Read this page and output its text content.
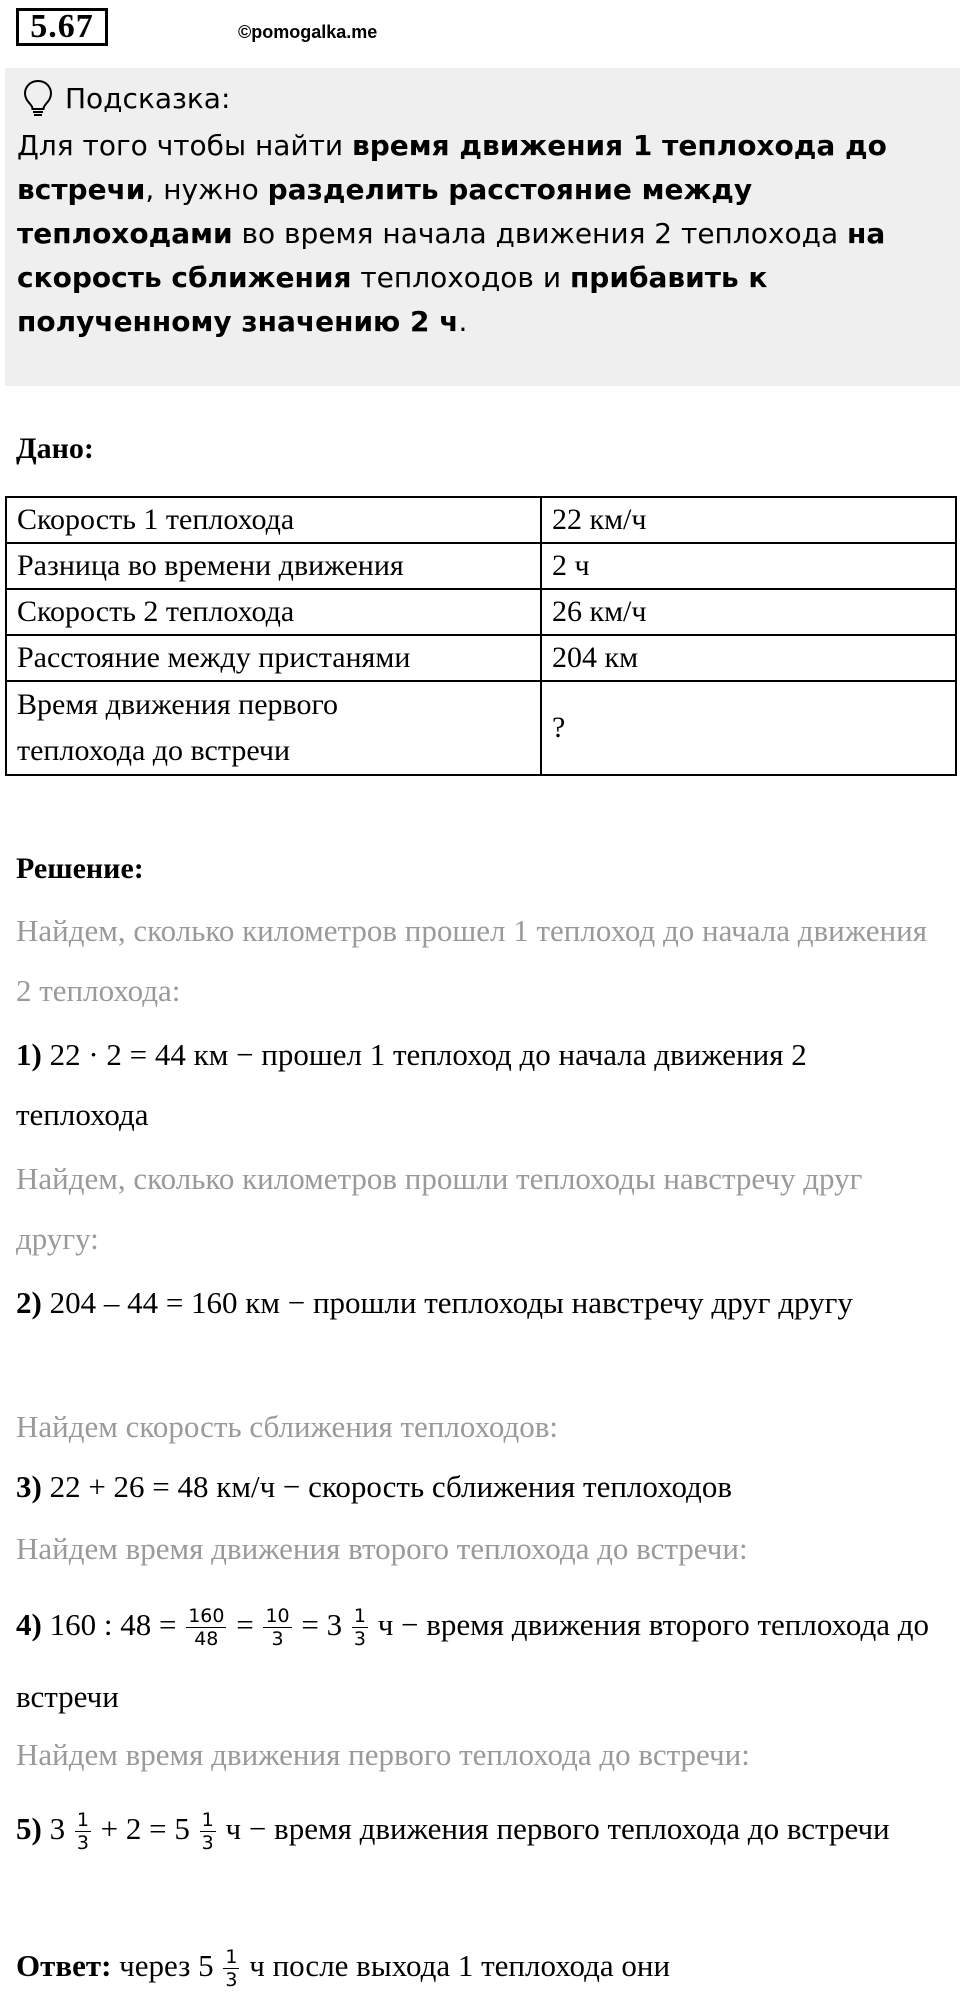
5.67	©pomogalka.me
Подсказка:
Для того чтобы найти время движения 1 теплохода до встречи, нужно разделить расстояние между теплоходами во время начала движения 2 теплохода на скорость сближения теплоходов и прибавить к полученному значению 2 ч.
Дано:
Скорость 1 теплохода	22 км/ч
Разница во времени движения	2 ч
Скорость 2 теплохода	26 км/ч
Расстояние между пристанями	204 км
Время движения первого
теплохода до встречи	?
Решение:
Найдем, сколько километров прошел 1 теплоход до начала движения 2 теплохода:
1) 22 · 2 = 44 км − прошел 1 теплоход до начала движения 2 теплохода
Найдем, сколько километров прошли теплоходы навстречу друг другу:
2) 204 – 44 = 160 км − прошли теплоходы навстречу друг другу
Найдем скорость сближения теплоходов:
3) 22 + 26 = 48 км/ч − скорость сближения теплоходов
Найдем время движения второго теплохода до встречи:
4) 160 : $48 = \frac{160}{48} = \frac{10}{3} = 3 \frac{1}{3}$ ч − время движения второго теплохода до встречи
Найдем время движения первого теплохода до встречи:
5) $3 \frac{1}{3} + 2 = 5 \frac{1}{3}$ ч − время движения первого теплохода до встречи
Ответ: через $5 \frac{1}{3}$ ч после выхода 1 теплохода они
